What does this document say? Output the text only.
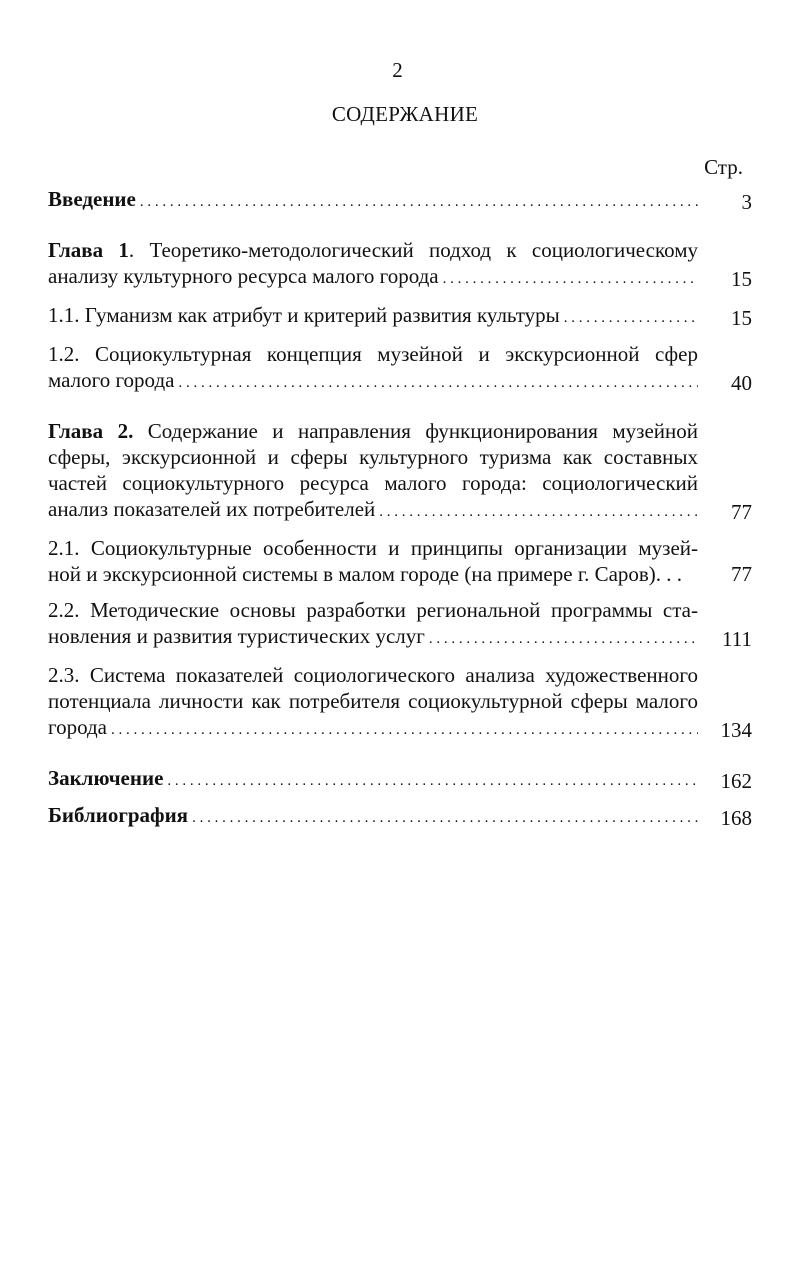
2
СОДЕРЖАНИЕ
Стр.
Введение . . .	3
Глава 1. Теоретико-методологический подход к социологическому
анализу культурного ресурса малого города . . .	15
1.1. Гуманизм как атрибут и критерий развития культуры . . .	15
1.2. Социокультурная концепция музейной и экскурсионной сфер
малого города . . .	40
Глава 2. Содержание и направления функционирования музейной
сферы, экскурсионной и сферы культурного туризма как составных
частей социокультурного ресурса малого города: социологический
анализ показателей их потребителей . . .	77
2.1. Социокультурные особенности и принципы организации музей-
ной и экскурсионной системы в малом городе (на примере г. Саров). . .	77
2.2. Методические основы разработки региональной программы ста-
новления и развития туристических услуг . . .	111
2.3. Система показателей социологического анализа художественного
потенциала личности как потребителя социокультурной сферы малого
города . . .	134
Заключение . . .	162
Библиография . . .	168
